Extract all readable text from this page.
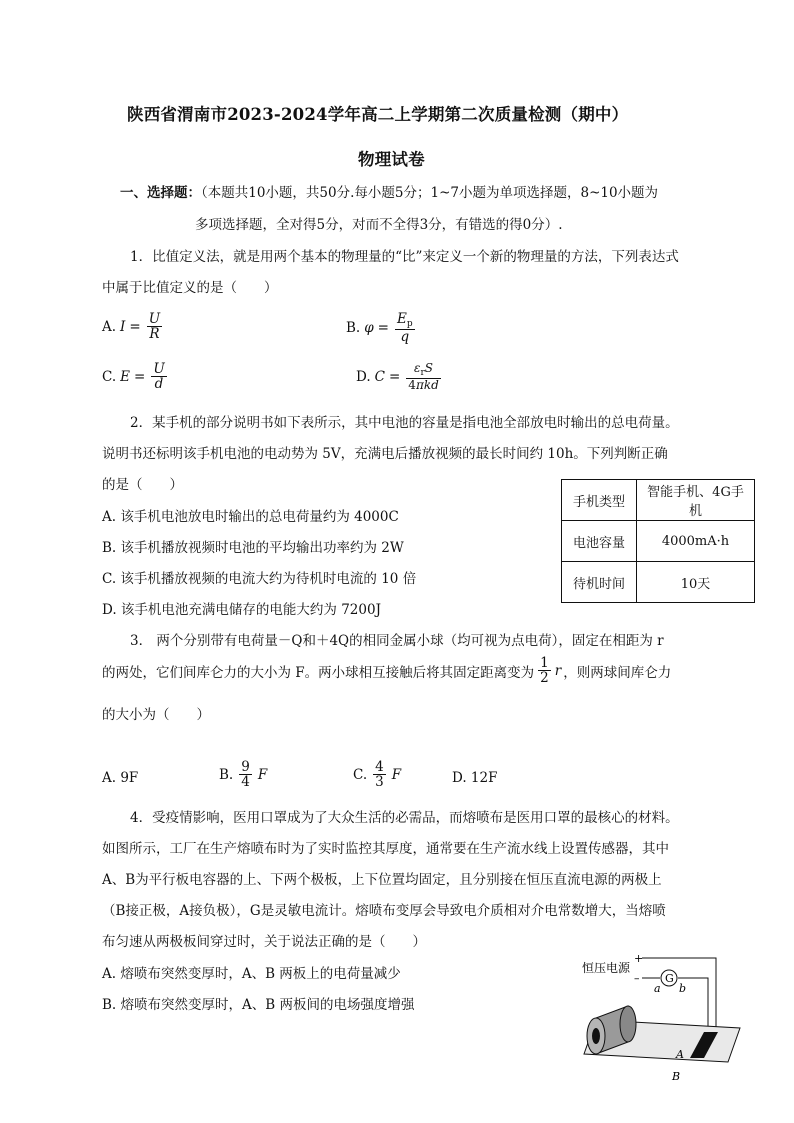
陕西省渭南市2023-2024学年高二上学期第二次质量检测（期中）
物理试卷
一、选择题：（本题共10小题，共50分.每小题5分；1~7小题为单项选择题，8~10小题为
多项选择题，全对得5分，对而不全得3分，有错选的得0分）.
1．比值定义法，就是用两个基本的物理量的“比”来定义一个新的物理量的方法，下列表达式
中属于比值定义的是（　　）
A. $I = \frac{U}{R}$	B. $\varphi = \frac{E_p}{q}$
C. $E = \frac{U}{d}$	D. $C = \frac{\varepsilon_rS}{\text{4πkd}}$
2．某手机的部分说明书如下表所示，其中电池的容量是指电池全部放电时输出的总电荷量。
说明书还标明该手机电池的电动势为 5V，充满电后播放视频的最长时间约 10h。下列判断正确
的是（　　）
A. 该手机电池放电时输出的总电荷量约为 4000C
B. 该手机播放视频时电池的平均输出功率约为 2W
C. 该手机播放视频的电流大约为待机时电流的 10 倍
D. 该手机电池充满电储存的电能大约为 7200J
手机类型	智能手机、4G手机
电池容量	4000mA·h
待机时间	10天
3． 两个分别带有电荷量－Q和＋4Q的相同金属小球（均可视为点电荷），固定在相距为 r
的两处，它们间库仑力的大小为 F。两小球相互接触后将其固定距离变为 $\frac{1}{2}$ r ，则两球间库仑力
的大小为（　　）
A. 9F	B. $\frac{9}{4}$ F	C. $\frac{4}{3}$ F	D. 12F
4．受疫情影响，医用口罩成为了大众生活的必需品，而熔喷布是医用口罩的最核心的材料。
如图所示，工厂在生产熔喷布时为了实时监控其厚度，通常要在生产流水线上设置传感器，其中
A、B为平行板电容器的上、下两个极板，上下位置均固定，且分别接在恒压直流电源的两极上
（B接正极，A接负极），G是灵敏电流计。熔喷布变厚会导致电介质相对介电常数增大，当熔喷
布匀速从两极板间穿过时，关于说法正确的是（　　）
A. 熔喷布突然变厚时，A、B 两板上的电荷量减少
B. 熔喷布突然变厚时，A、B 两板间的电场强度增强
恒压电源
+
– G
a b
A
B
